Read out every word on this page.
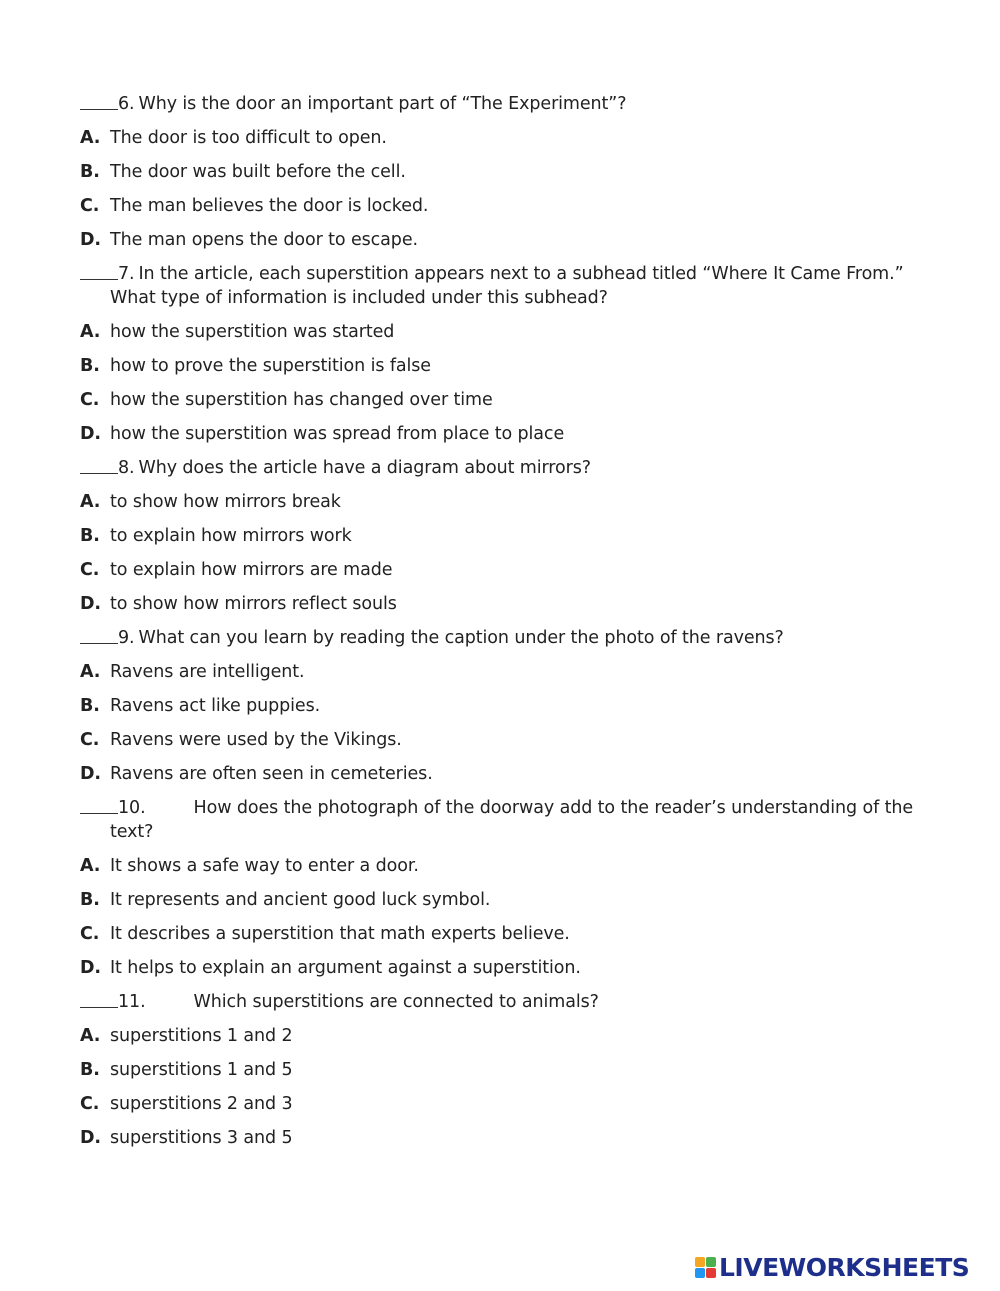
6. Why is the door an important part of “The Experiment”?
A. The door is too difficult to open.
B. The door was built before the cell.
C. The man believes the door is locked.
D. The man opens the door to escape.
7. In the article, each superstition appears next to a subhead titled “Where It Came From.” What type of information is included under this subhead?
A. how the superstition was started
B. how to prove the superstition is false
C. how the superstition has changed over time
D. how the superstition was spread from place to place
8. Why does the article have a diagram about mirrors?
A. to show how mirrors break
B. to explain how mirrors work
C. to explain how mirrors are made
D. to show how mirrors reflect souls
9. What can you learn by reading the caption under the photo of the ravens?
A. Ravens are intelligent.
B. Ravens act like puppies.
C. Ravens were used by the Vikings.
D. Ravens are often seen in cemeteries.
10.	How does the photograph of the doorway add to the reader’s understanding of the text?
A. It shows a safe way to enter a door.
B. It represents and ancient good luck symbol.
C. It describes a superstition that math experts believe.
D. It helps to explain an argument against a superstition.
11.	Which superstitions are connected to animals?
A. superstitions 1 and 2
B. superstitions 1 and 5
C. superstitions 2 and 3
D. superstitions 3 and 5
LIVEWORKSHEETS
